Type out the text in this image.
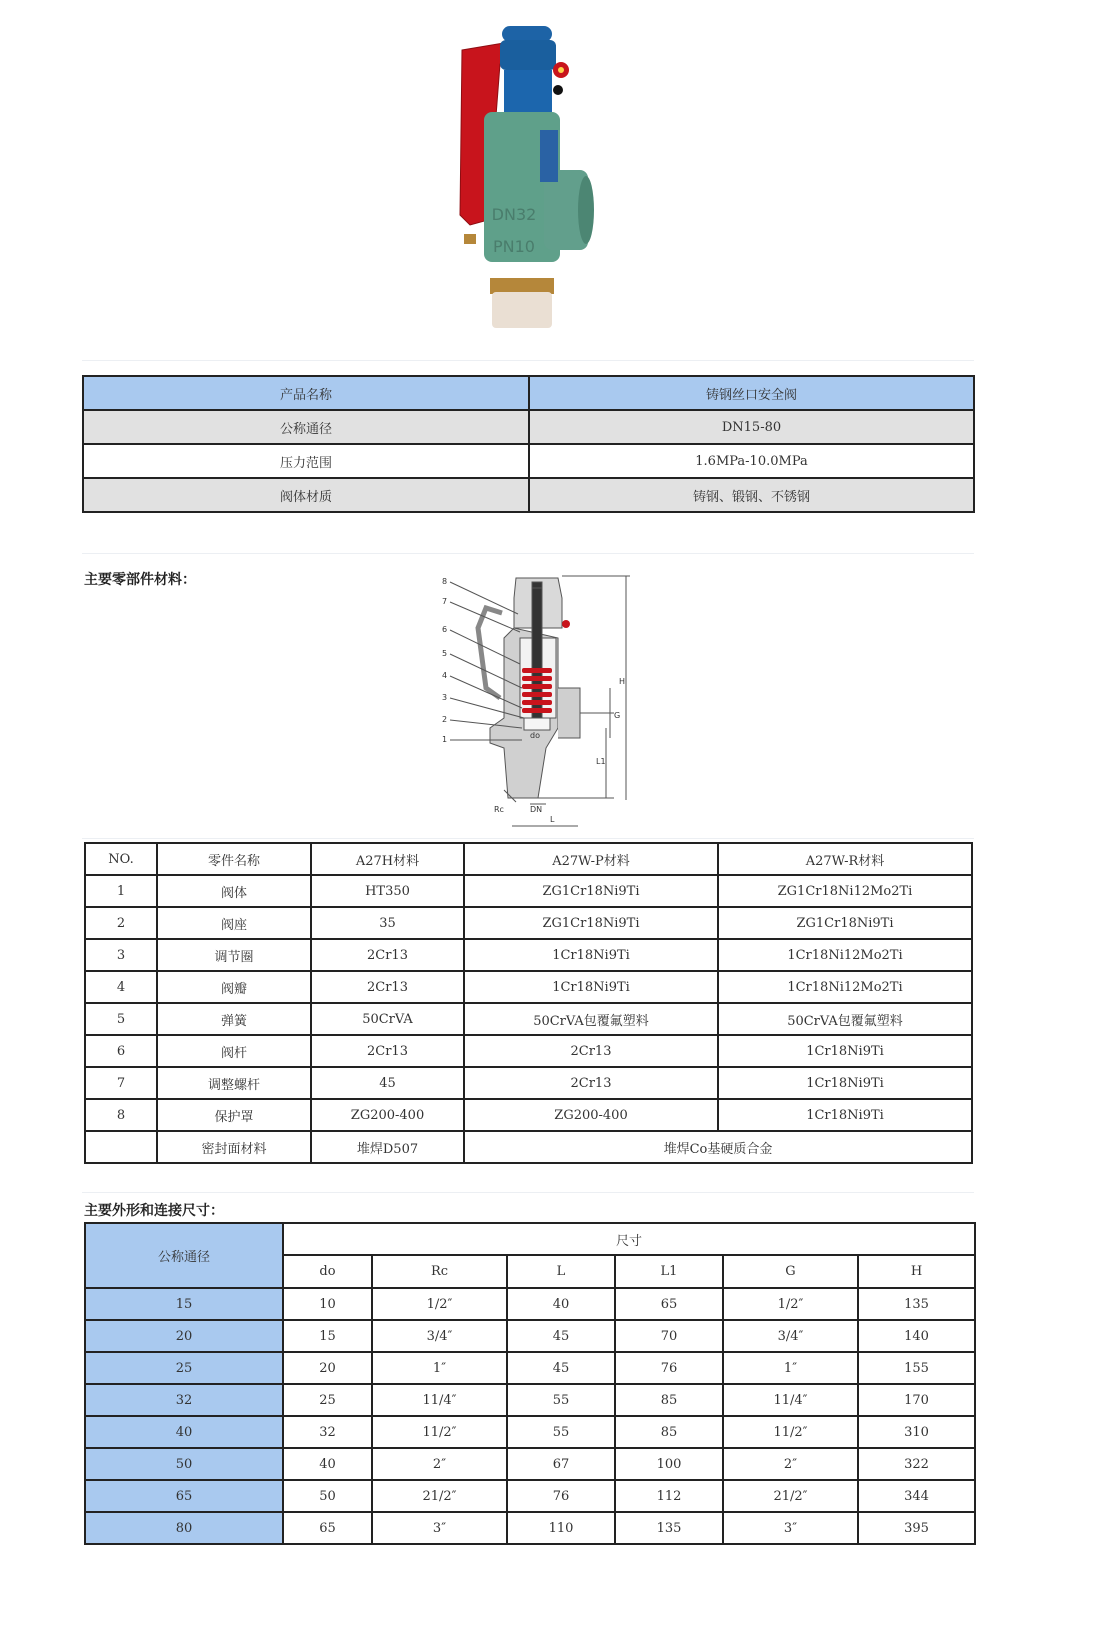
DN32
PN10
产品名称	铸钢丝口安全阀
公称通径	DN15-80
压力范围	1.6MPa-10.0MPa
阀体材质	铸钢、锻钢、不锈钢
主要零部件材料：	8
7
6
5
4
3
2
1
H
G
L1
DN
L
do
Rc
NO.	零件名称	A27H材料	A27W-P材料	A27W-R材料
1	阀体	HT350	ZG1Cr18Ni9Ti	ZG1Cr18Ni12Mo2Ti
2	阀座	35	ZG1Cr18Ni9Ti	ZG1Cr18Ni9Ti
3	调节圈	2Cr13	1Cr18Ni9Ti	1Cr18Ni12Mo2Ti
4	阀瓣	2Cr13	1Cr18Ni9Ti	1Cr18Ni12Mo2Ti
5	弹簧	50CrVA	50CrVA包覆氟塑料	50CrVA包覆氟塑料
6	阀杆	2Cr13	2Cr13	1Cr18Ni9Ti
7	调整螺杆	45	2Cr13	1Cr18Ni9Ti
8	保护罩	ZG200-400	ZG200-400	1Cr18Ni9Ti
	密封面材料	堆焊D507	堆焊Co基硬质合金	
主要外形和连接尺寸：
公称通径	尺寸					
	do	Rc	L	L1	G	H
15	10	1/2″	40	65	1/2″	135
20	15	3/4″	45	70	3/4″	140
25	20	1″	45	76	1″	155
32	25	11/4″	55	85	11/4″	170
40	32	11/2″	55	85	11/2″	310
50	40	2″	67	100	2″	322
65	50	21/2″	76	112	21/2″	344
80	65	3″	110	135	3″	395
